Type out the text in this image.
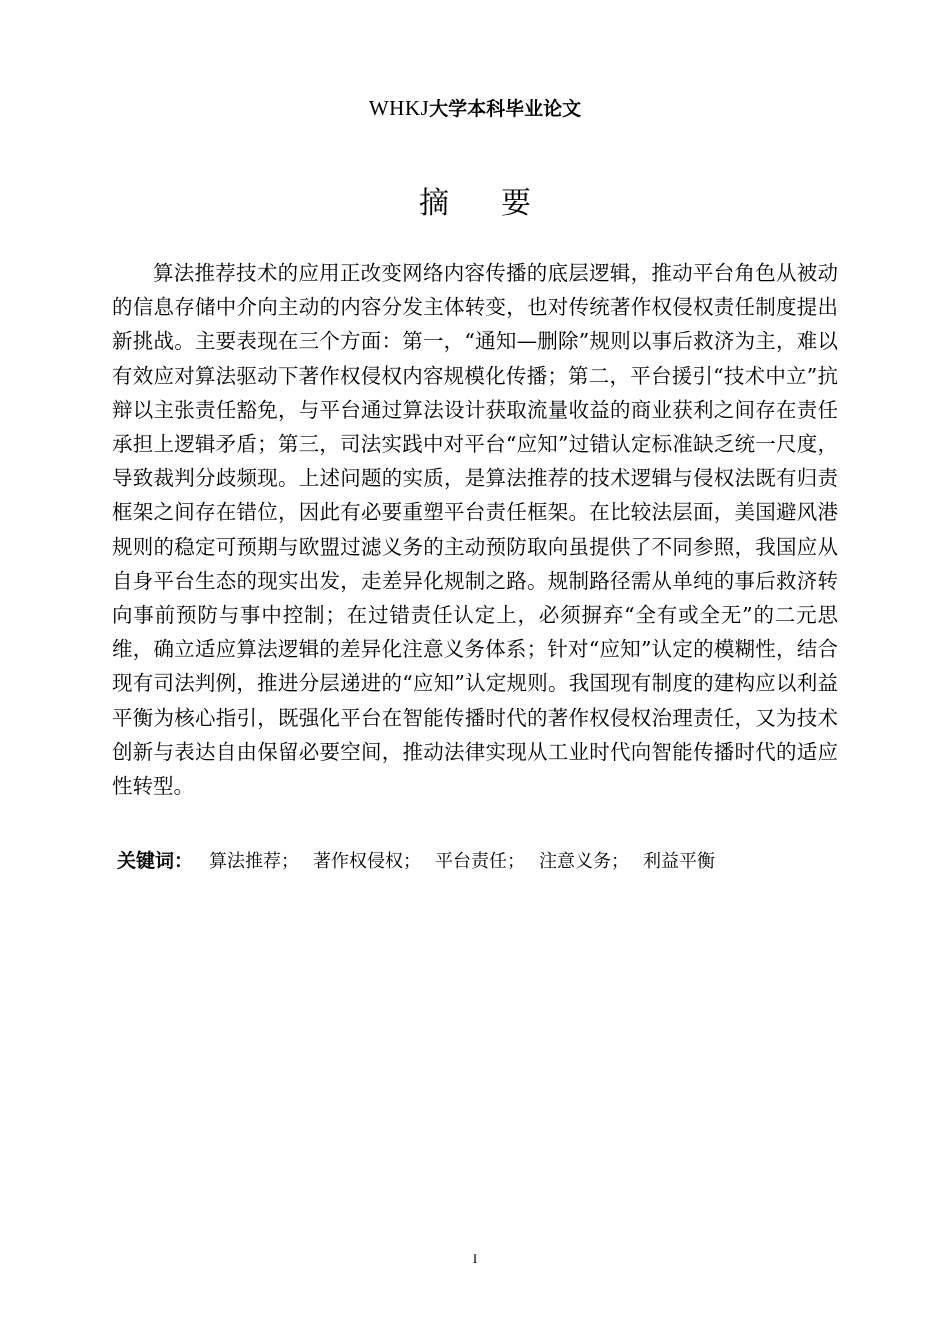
WHKJ大学本科毕业论文
摘 要

算法推荐技术的应用正改变网络内容传播的底层逻辑，推动平台角色从被动的信息存储中介向主动的内容分发主体转变，也对传统著作权侵权责任制度提出新挑战。主要表现在三个方面：第一，“通知—删除”规则以事后救济为主，难以有效应对算法驱动下著作权侵权内容规模化传播；第二，平台援引“技术中立”抗辩以主张责任豁免，与平台通过算法设计获取流量收益的商业获利之间存在责任承担上逻辑矛盾；第三，司法实践中对平台“应知”过错认定标准缺乏统一尺度，导致裁判分歧频现。上述问题的实质，是算法推荐的技术逻辑与侵权法既有归责框架之间存在错位，因此有必要重塑平台责任框架。在比较法层面，美国避风港规则的稳定可预期与欧盟过滤义务的主动预防取向虽提供了不同参照，我国应从自身平台生态的现实出发，走差异化规制之路。规制路径需从单纯的事后救济转向事前预防与事中控制；在过错责任认定上，必须摒弃“全有或全无”的二元思维，确立适应算法逻辑的差异化注意义务体系；针对“应知”认定的模糊性，结合现有司法判例，推进分层递进的“应知”认定规则。我国现有制度的建构应以利益平衡为核心指引，既强化平台在智能传播时代的著作权侵权治理责任，又为技术创新与表达自由保留必要空间，推动法律实现从工业时代向智能传播时代的适应性转型。

关键词： 算法推荐； 著作权侵权； 平台责任； 注意义务； 利益平衡
I
